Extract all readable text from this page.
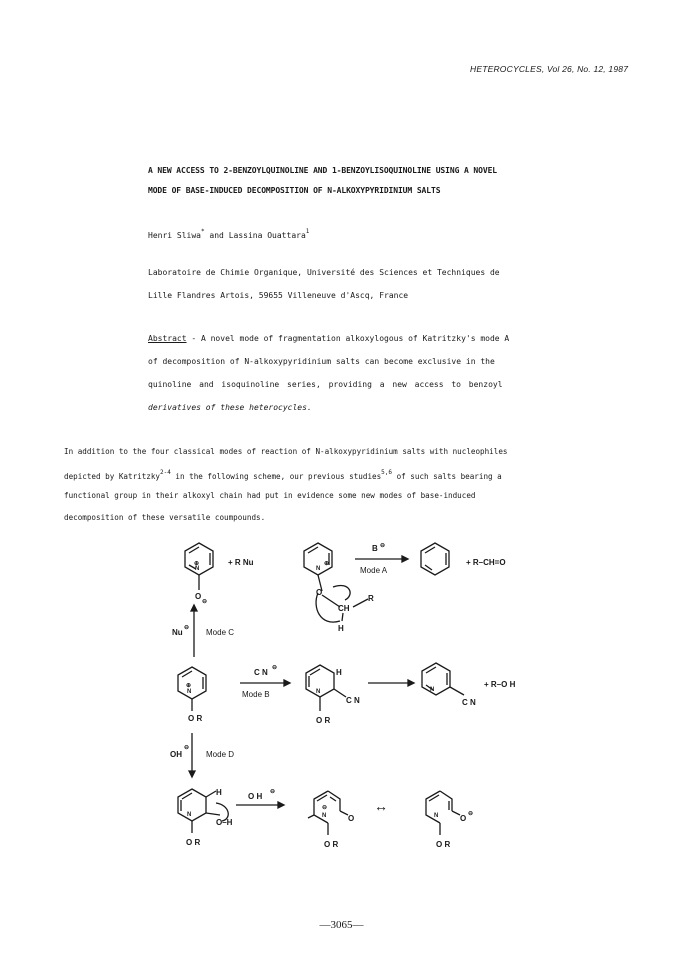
HETEROCYCLES, Vol 26, No. 12, 1987
A NEW ACCESS TO 2-BENZOYLQUINOLINE AND 1-BENZOYLISOQUINOLINE USING A NOVEL
MODE OF BASE-INDUCED DECOMPOSITION OF N-ALKOXYPYRIDINIUM SALTS
Henri Sliwa* and Lassina Ouattara$^1$
Laboratoire de Chimie Organique, Université des Sciences et Techniques de
Lille Flandres Artois, 59655 Villeneuve d'Ascq, France
Abstract - A novel mode of fragmentation alkoxylogous of Katritzky's mode A
of decomposition of N-alkoxypyridinium salts can become exclusive in the
quinoline and isoquinoline series, providing a new access to benzoyl
derivatives of these heterocycles.
In addition to the four classical modes of reaction of N-alkoxypyridinium salts with nucleophiles
depicted by Katritzky$^{2-4}$ in the following scheme, our previous studies$^{5,6}$ of such salts bearing a
functional group in their alkoxyl chain had put in evidence some new modes of base-induced
decomposition of these versatile coumpounds.
N
⊕
O
⊖
+ R Nu
N
⊕
O
CH
R
H
B ⊖
Mode A
+ R–CH=O
Nu ⊖ Mode C
N
⊕
O R
C N ⊖
Mode B	N
H
C N
O R
N
C N
+ R–O H
OH
⊖
Mode D
N
H
O–H
O R
O H ⊖
N
⊖
O
O R
↔
N	O ⊖
O R
—3065—
